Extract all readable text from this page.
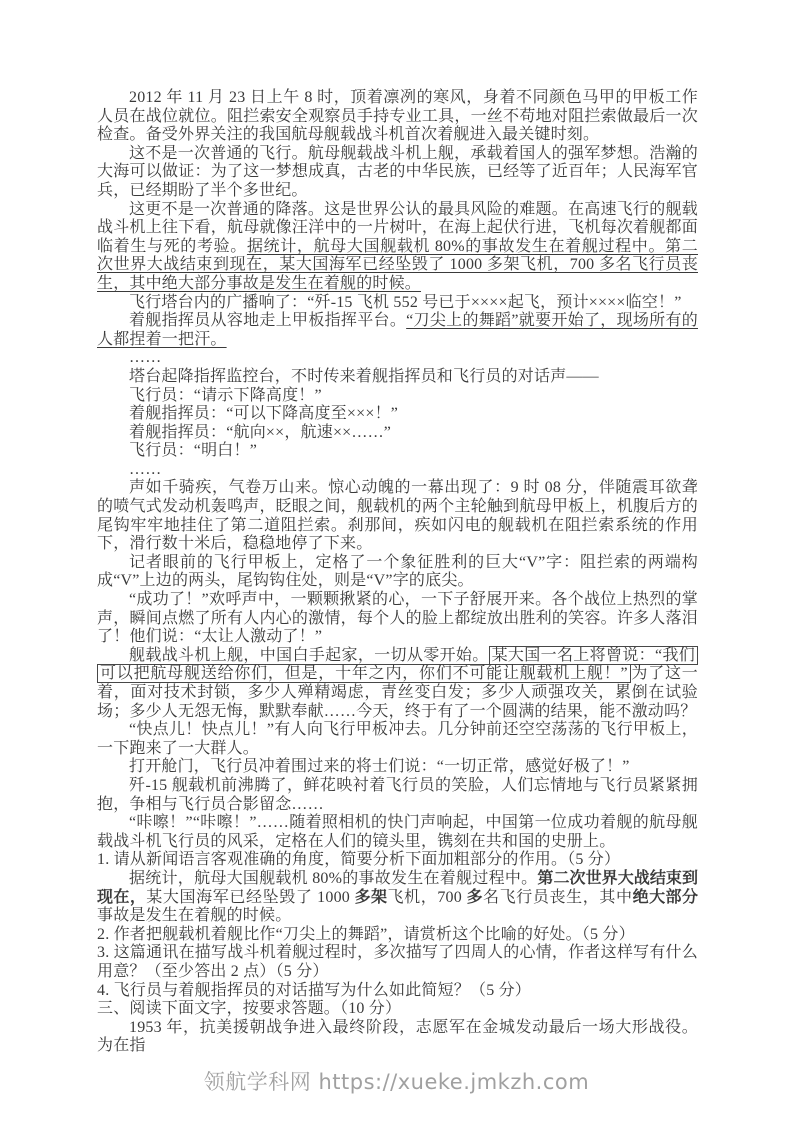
2012 年 11 月 23 日上午 8 时，顶着凛冽的寒风，身着不同颜色马甲的甲板工作人员在战位就位。阻拦索安全观察员手持专业工具，一丝不苟地对阻拦索做最后一次检查。备受外界关注的我国航母舰载战斗机首次着舰进入最关键时刻。

这不是一次普通的飞行。航母舰载战斗机上舰，承载着国人的强军梦想。浩瀚的大海可以做证：为了这一梦想成真，古老的中华民族，已经等了近百年；人民海军官兵，已经期盼了半个多世纪。

这更不是一次普通的降落。这是世界公认的最具风险的难题。在高速飞行的舰载战斗机上往下看，航母就像汪洋中的一片树叶，在海上起伏行进，飞机每次着舰都面临着生与死的考验。据统计，航母大国舰载机 80%的事故发生在着舰过程中。第二次世界大战结束到现在，某大国海军已经坠毁了 1000 多架飞机，700 多名飞行员丧生，其中绝大部分事故是发生在着舰的时候。

飞行塔台内的广播响了：“歼-15 飞机 552 号已于××××起飞，预计××××临空！”

着舰指挥员从容地走上甲板指挥平台。“刀尖上的舞蹈”就要开始了，现场所有的人都捏着一把汗。

……

塔台起降指挥监控台，不时传来着舰指挥员和飞行员的对话声——

飞行员：“请示下降高度！”

着舰指挥员：“可以下降高度至×××！”

着舰指挥员：“航向××，航速××……”

飞行员：“明白！”

……

声如千骑疾，气卷万山来。惊心动魄的一幕出现了：9 时 08 分，伴随震耳欲聋的喷气式发动机轰鸣声，眨眼之间，舰载机的两个主轮触到航母甲板上，机腹后方的尾钩牢牢地挂住了第二道阻拦索。刹那间，疾如闪电的舰载机在阻拦索系统的作用下，滑行数十米后，稳稳地停了下来。

记者眼前的飞行甲板上，定格了一个象征胜利的巨大“V”字：阻拦索的两端构成“V”上边的两头，尾钩钩住处，则是“V”字的底尖。

“成功了！”欢呼声中，一颗颗揪紧的心，一下子舒展开来。各个战位上热烈的掌声，瞬间点燃了所有人内心的激情，每个人的脸上都绽放出胜利的笑容。许多人落泪了！他们说：“太让人激动了！”

舰载战斗机上舰，中国白手起家，一切从零开始。 某大国一名上将曾说：“我们可以把航母舰送给你们，但是，十年之内，你们不可能让舰载机上舰！” 为了这一着，面对技术封锁，多少人殚精竭虑，青丝变白发；多少人顽强攻关，累倒在试验场；多少人无怨无悔，默默奉献……今天，终于有了一个圆满的结果，能不激动吗？

“快点儿！快点儿！”有人向飞行甲板冲去。几分钟前还空空荡荡的飞行甲板上，一下跑来了一大群人。

打开舱门，飞行员冲着围过来的将士们说：“一切正常，感觉好极了！”

歼-15 舰载机前沸腾了，鲜花映衬着飞行员的笑脸，人们忘情地与飞行员紧紧拥抱，争相与飞行员合影留念……

“咔嚓！”“咔嚓！”……随着照相机的快门声响起，中国第一位成功着舰的航母舰载战斗机飞行员的风采，定格在人们的镜头里，镌刻在共和国的史册上。

1. 请从新闻语言客观准确的角度，简要分析下面加粗部分的作用。（5 分）

据统计，航母大国舰载机 80%的事故发生在着舰过程中。第二次世界大战结束到现在，某大国海军已经坠毁了 1000 多架飞机，700 多名飞行员丧生，其中绝大部分事故是发生在着舰的时候。

2. 作者把舰载机着舰比作“刀尖上的舞蹈”，请赏析这个比喻的好处。（5 分）

3. 这篇通讯在描写战斗机着舰过程时，多次描写了四周人的心情，作者这样写有什么用意？（至少答出 2 点）（5 分）

4. 飞行员与着舰指挥员的对话描写为什么如此简短？（5 分）

三、阅读下面文字，按要求答题。（10 分）

1953 年，抗美援朝战争进入最终阶段，志愿军在金城发动最后一场大形战役。为在指

领航学科网 https://xueke.jmkzh.com
